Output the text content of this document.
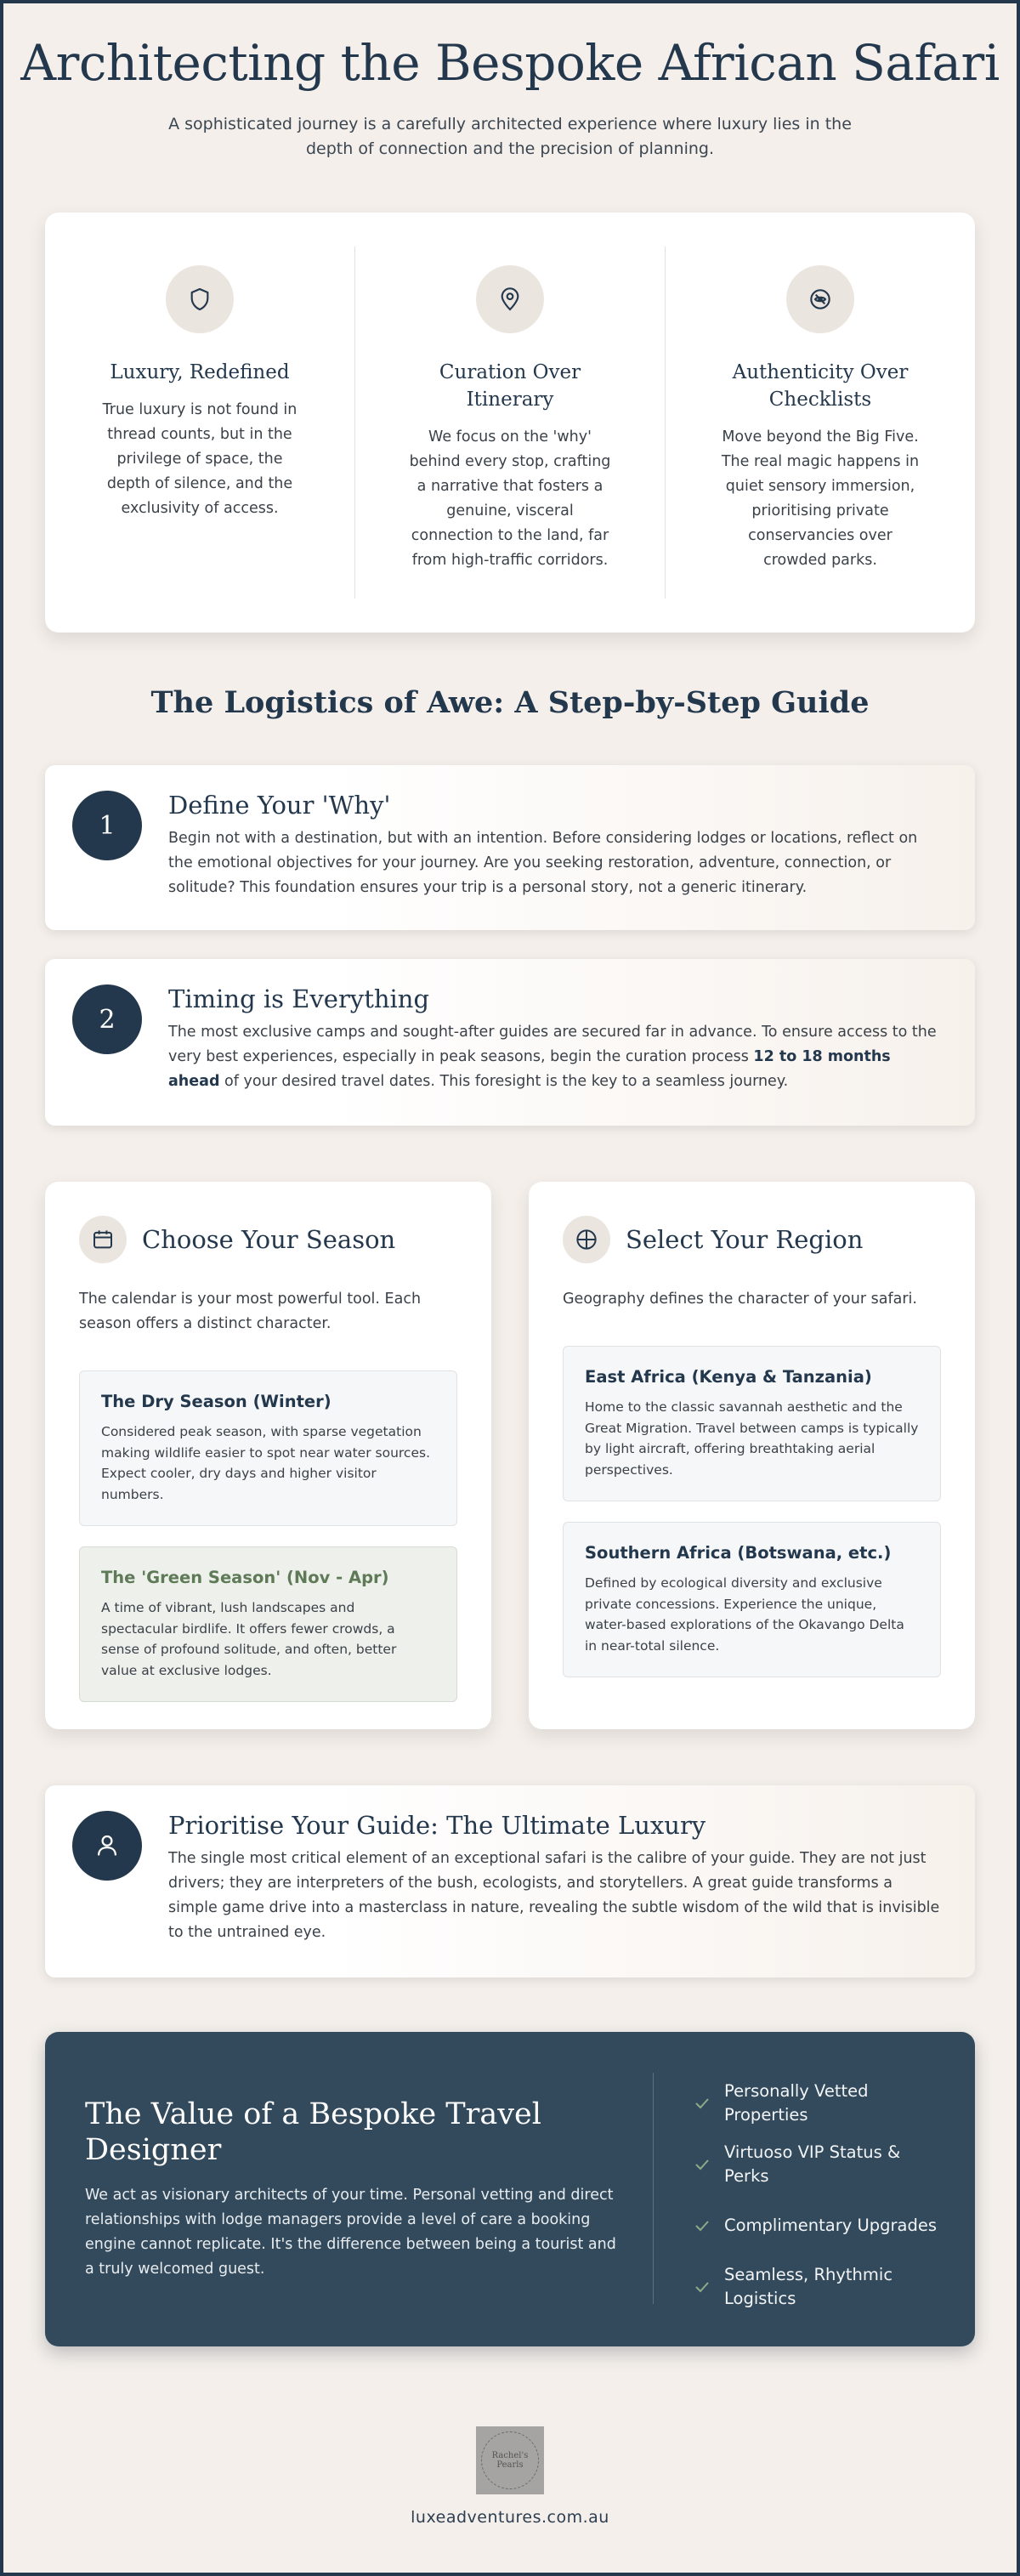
Architecting the Bespoke African Safari

A sophisticated journey is a carefully architected experience where luxury lies in the depth of connection and the precision of planning.

Luxury, Redefined

True luxury is not found in thread counts, but in the privilege of space, the depth of silence, and the exclusivity of access.

Curation Over Itinerary

We focus on the 'why' behind every stop, crafting a narrative that fosters a genuine, visceral connection to the land, far from high-traffic corridors.

Authenticity Over Checklists

Move beyond the Big Five. The real magic happens in quiet sensory immersion, prioritising private conservancies over crowded parks.

The Logistics of Awe: A Step-by-Step Guide
1
Define Your 'Why'

Begin not with a destination, but with an intention. Before considering lodges or locations, reflect on the emotional objectives for your journey. Are you seeking restoration, adventure, connection, or solitude? This foundation ensures your trip is a personal story, not a generic itinerary.

2
Timing is Everything

The most exclusive camps and sought-after guides are secured far in advance. To ensure access to the very best experiences, especially in peak seasons, begin the curation process 12 to 18 months ahead of your desired travel dates. This foresight is the key to a seamless journey.

Choose Your Season

The calendar is your most powerful tool. Each season offers a distinct character.

The Dry Season (Winter)

Considered peak season, with sparse vegetation making wildlife easier to spot near water sources. Expect cooler, dry days and higher visitor numbers.

The 'Green Season' (Nov - Apr)

A time of vibrant, lush landscapes and spectacular birdlife. It offers fewer crowds, a sense of profound solitude, and often, better value at exclusive lodges.

Select Your Region

Geography defines the character of your safari.

East Africa (Kenya & Tanzania)

Home to the classic savannah aesthetic and the Great Migration. Travel between camps is typically by light aircraft, offering breathtaking aerial perspectives.

Southern Africa (Botswana, etc.)

Defined by ecological diversity and exclusive private concessions. Experience the unique, water-based explorations of the Okavango Delta in near-total silence.

Prioritise Your Guide: The Ultimate Luxury

The single most critical element of an exceptional safari is the calibre of your guide. They are not just drivers; they are interpreters of the bush, ecologists, and storytellers. A great guide transforms a simple game drive into a masterclass in nature, revealing the subtle wisdom of the wild that is invisible to the untrained eye.

The Value of a Bespoke Travel Designer

We act as visionary architects of your time. Personal vetting and direct relationships with lodge managers provide a level of care a booking engine cannot replicate. It's the difference between being a tourist and a truly welcomed guest.

Personally Vetted Properties
Virtuoso VIP Status & Perks
Complimentary Upgrades
Seamless, Rhythmic Logistics
Rachel's
Pearls
luxeadventures.com.au
